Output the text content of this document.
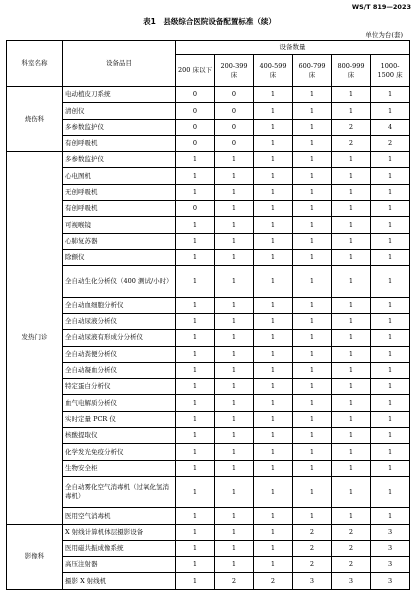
WS/T 819—2023
表1　县级综合医院设备配置标准（续）
单位为台(套)
科室名称	设备品目	设备数量					
		200 床以下	200-399 床	400-599 床	600-799 床	800-999 床	1000-1500 床
烧伤科	电动植皮刀系统	0	0	1	1	1	1
	清创仪	0	0	1	1	1	1
	多参数监护仪	0	0	1	1	2	4
	有创呼吸机	0	0	1	1	2	2
发热门诊	多参数监护仪	1	1	1	1	1	1
	心电图机	1	1	1	1	1	1
	无创呼吸机	1	1	1	1	1	1
	有创呼吸机	0	1	1	1	1	1
	可视喉镜	1	1	1	1	1	1
	心肺复苏器	1	1	1	1	1	1
	除颤仪	1	1	1	1	1	1
	全自动生化分析仪（400 测试/小时）	1	1	1	1	1	1
	全自动血细胞分析仪	1	1	1	1	1	1
	全自动尿液分析仪	1	1	1	1	1	1
	全自动尿液有形成分分析仪	1	1	1	1	1	1
	全自动粪便分析仪	1	1	1	1	1	1
	全自动凝血分析仪	1	1	1	1	1	1
	特定蛋白分析仪	1	1	1	1	1	1
	血气电解质分析仪	1	1	1	1	1	1
	实时定量 PCR 仪	1	1	1	1	1	1
	核酸提取仪	1	1	1	1	1	1
	化学发光免疫分析仪	1	1	1	1	1	1
	生物安全柜	1	1	1	1	1	1
	全自动雾化空气消毒机（过氧化氢消毒机）	1	1	1	1	1	1
	医用空气消毒机	1	1	1	1	1	1
影像科	X 射线计算机体层摄影设备	1	1	1	2	2	3
	医用磁共振成像系统	1	1	1	2	2	3
	高压注射器	1	1	1	2	2	3
	摄影 X 射线机	1	2	2	3	3	3
